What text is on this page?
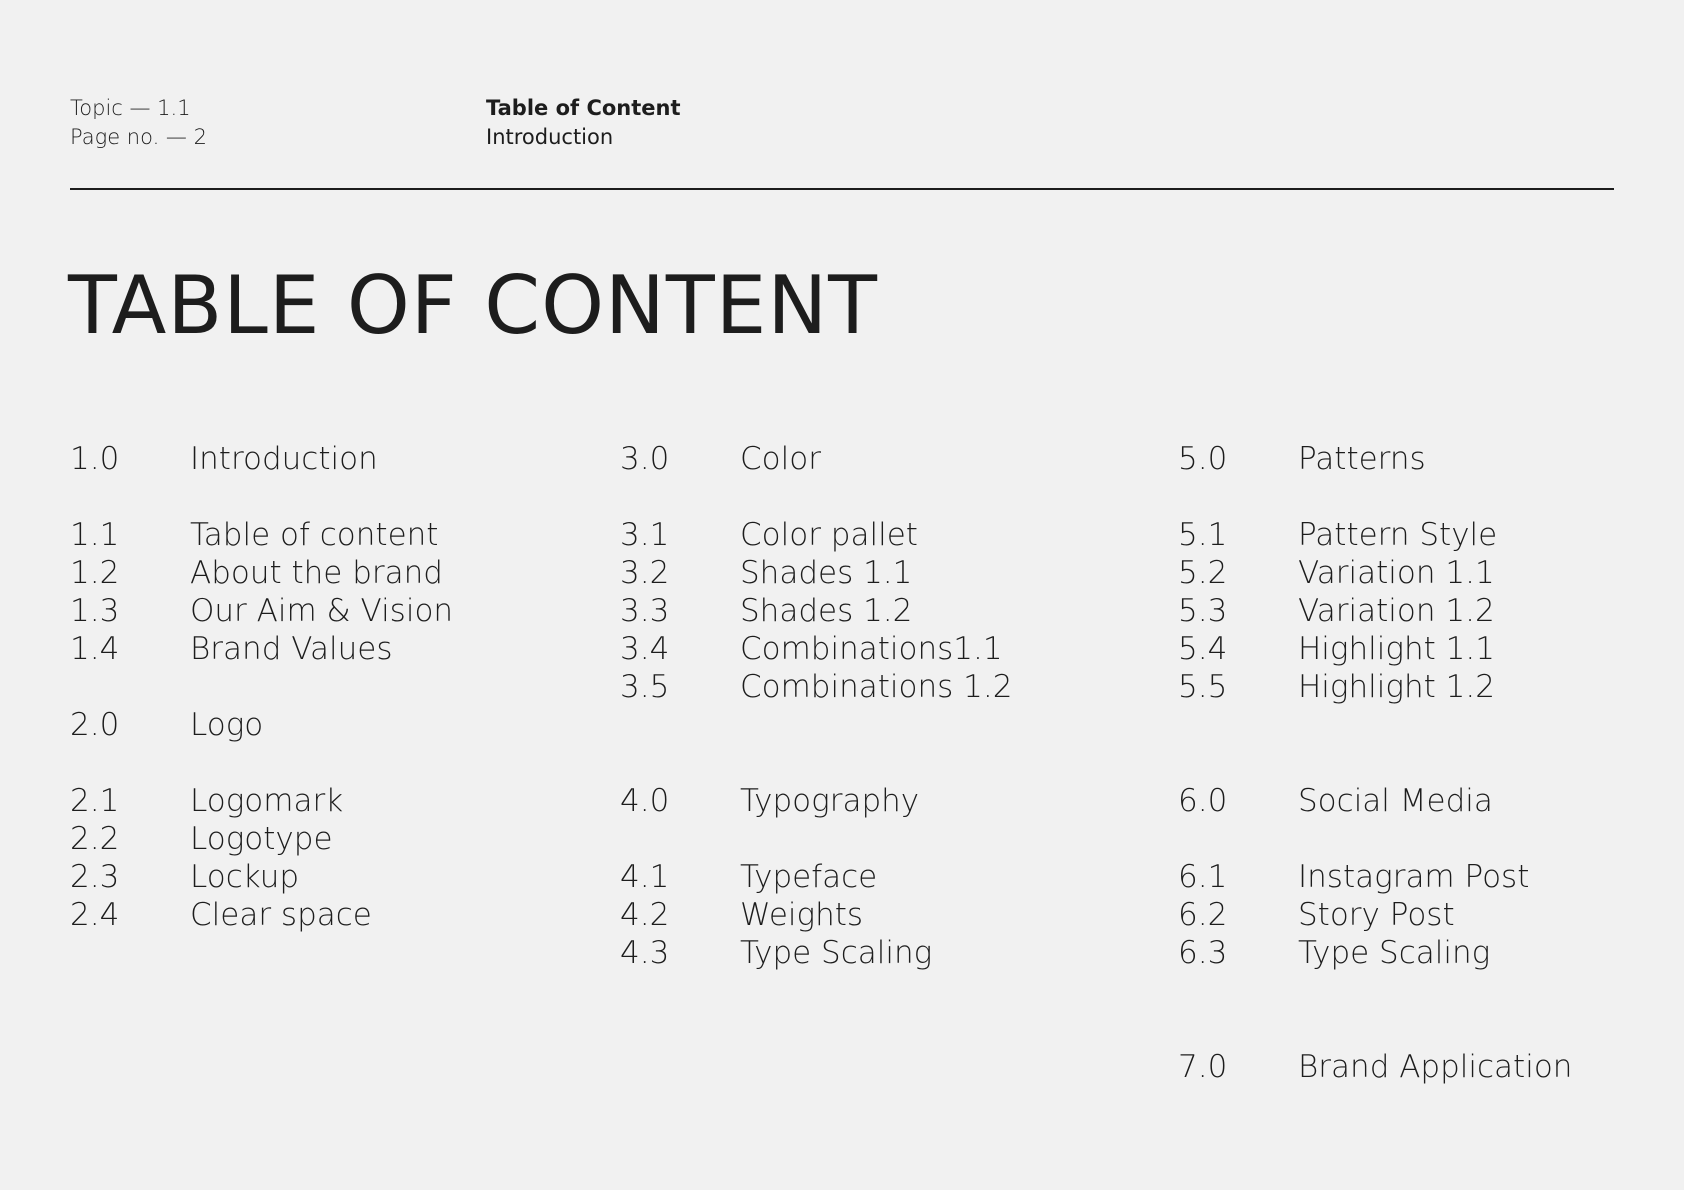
Topic — 1.1
Page no. — 2
Table of Content
Introduction
TABLE OF CONTENT
1.0 Introduction
1.1 Table of content
1.2 About the brand
1.3 Our Aim & Vision
1.4 Brand Values
2.0 Logo
2.1 Logomark
2.2 Logotype
2.3 Lockup
2.4 Clear space
3.0 Color
3.1 Color pallet
3.2 Shades 1.1
3.3 Shades 1.2
3.4 Combinations1.1
3.5 Combinations 1.2
4.0 Typography
4.1 Typeface
4.2 Weights
4.3 Type Scaling
5.0 Patterns
5.1 Pattern Style
5.2 Variation 1.1
5.3 Variation 1.2
5.4 Highlight 1.1
5.5 Highlight 1.2
6.0 Social Media
6.1 Instagram Post
6.2 Story Post
6.3 Type Scaling
7.0 Brand Application
